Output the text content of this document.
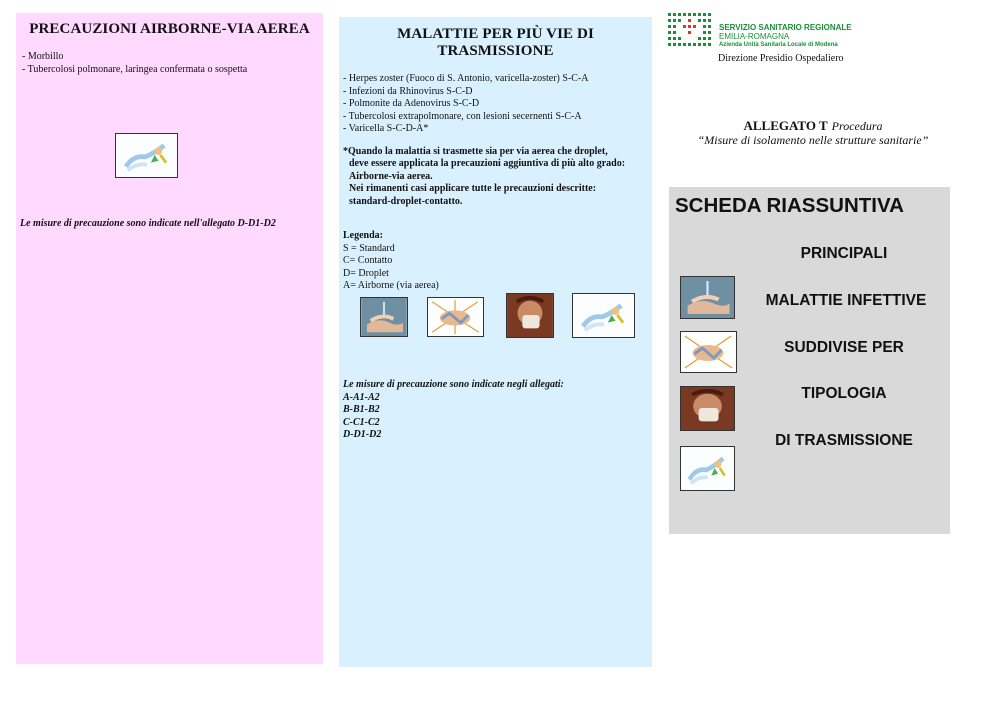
PRECAUZIONI AIRBORNE-VIA AEREA
- Morbillo
- Tubercolosi polmonare, laringea confermata o sospetta
Le misure di precauzione sono indicate nell'allegato D-D1-D2
MALATTIE PER PIÙ VIE DI TRASMISSIONE
- Herpes zoster (Fuoco di S. Antonio, varicella-zoster) S-C-A
- Infezioni da Rhinovirus S-C-D
- Polmonite da Adenovirus S-C-D
- Tubercolosi extrapolmonare, con lesioni secernenti S-C-A
- Varicella S-C-D-A*
*Quando la malattia si trasmette sia per via aerea che droplet,
deve essere applicata la precauzioni aggiuntiva di più alto grado:
Airborne-via aerea.
Nei rimanenti casi applicare tutte le precauzioni descritte:
standard-droplet-contatto.
Legenda:
S = Standard
C= Contatto
D= Droplet
A= Airborne (via aerea)
Le misure di precauzione sono indicate negli allegati:
A-A1-A2
B-B1-B2
C-C1-C2
D-D1-D2
SERVIZIO SANITARIO REGIONALE
EMILIA-ROMAGNA
Azienda Unità Sanitaria Locale di Modena
Direzione Presidio Ospedaliero
ALLEGATO T Procedura
“Misure di isolamento nelle strutture sanitarie”
SCHEDA RIASSUNTIVA
PRINCIPALI
MALATTIE INFETTIVE
SUDDIVISE PER
TIPOLOGIA
DI TRASMISSIONE
